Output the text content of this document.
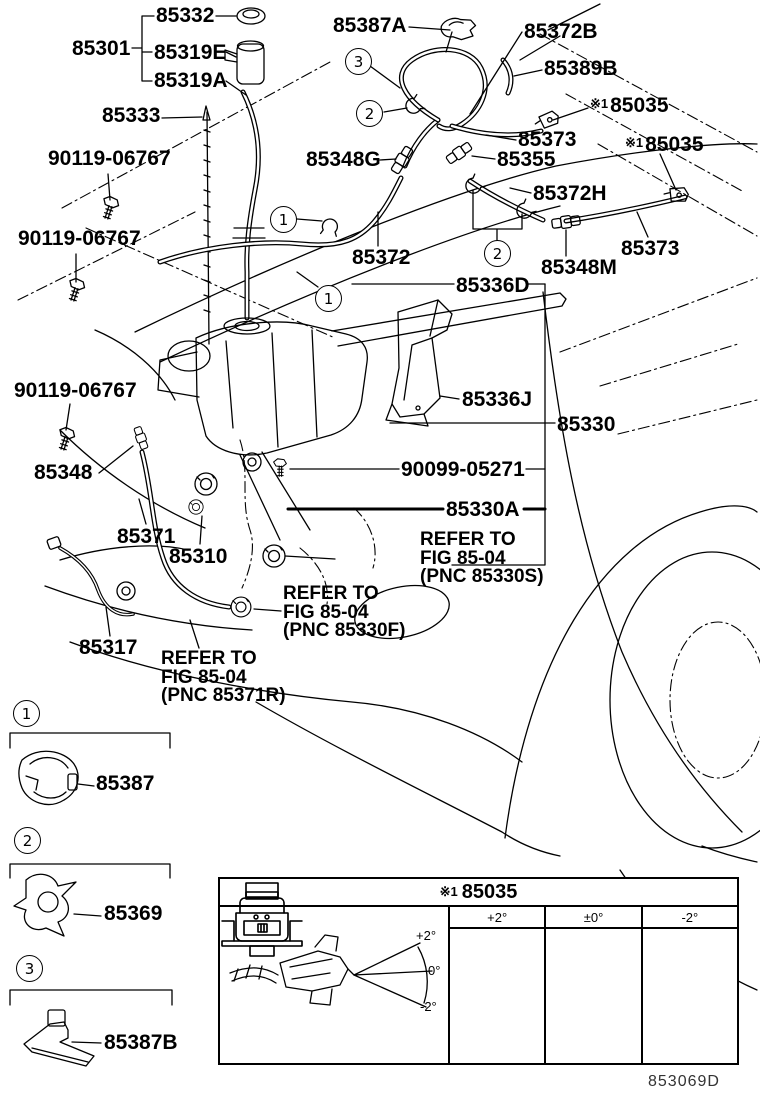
85332
85301 85319E
85319A
85333
90119-06767
90119-06767
90119-06767
85387A	85372B
85389B
※185035
85373	※185035
85348G	85355
85372H
85373
85372	85348M
85336D
85336J
85330
90099-05271
85330A
85348
85371
85310
85317
85387
85369
85387B
REFER TO
FIG 85-04
(PNC 85330S)
REFER TO
FIG 85-04
(PNC 85330F)
REFER TO
FIG 85-04
(PNC 85371R)
3
2
1
2
1
1
2
3
※1 85035
+2°
0°
-2°
+2°	±0°	-2°
853069D
